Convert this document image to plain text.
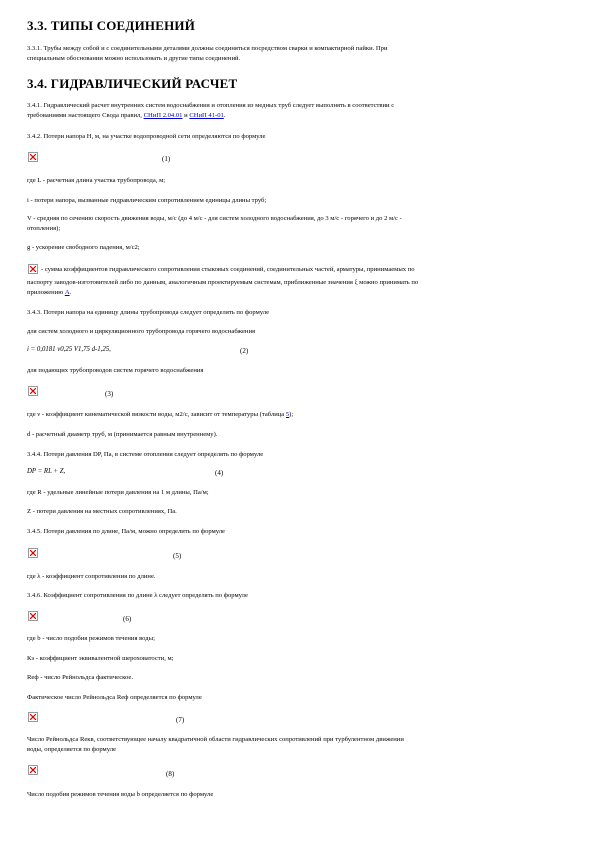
3.3. ТИПЫ СОЕДИНЕНИЙ
3.3.1. Трубы между собой и с соединительными деталями должны соединяться посредством сварки и компактирной пайки. При
специальным обосновании можно использовать и другие типы соединений.
3.4. ГИДРАВЛИЧЕСКИЙ РАСЧЕТ
3.4.1. Гидравлический расчет внутренних систем водоснабжения и отопления из медных труб следует выполнять в соответствии с
требованиями настоящего Свода правил, СНиП 2.04.01 и СНиП 41-01.
3.4.2. Потери напора Н, м, на участке водопроводной сети определяются по формуле
(1)
где L - расчетная длина участка трубопровода, м;
i - потери напора, вызванные гидравлическим сопротивлением единицы длины труб;
V - средняя по сечению скорость движения воды, м/с (до 4 м/с - для систем холодного водоснабжения, до 3 м/с - горячего и до 2 м/с -
отопления);
g - ускорение свободного падения, м/с2;
- сумма коэффициентов гидравлического сопротивления стыковых соединений, соединительных частей, арматуры, принимаемых по
паспорту заводов-изготовителей либо по данным, аналогичным проектируемым системам, приближенные значения ξ можно принимать по
приложению А.
3.4.3. Потери напора на единицу длины трубопровода следует определять по формуле
для систем холодного и циркуляционного трубопровода горячего водоснабжения
i = 0,0181 v0,25 V1,75 d-1,25,	(2)
для подающих трубопроводов систем горячего водоснабжения
(3)
где ν - коэффициент кинематической вязкости воды, м2/с, зависит от температуры (таблица 5);
d - расчетный диаметр труб, м (принимается равным внутреннему).
3.4.4. Потери давления DР, Па, в системе отопления следует определять по формуле
DP = RL + Z,	(4)
где R - удельные линейные потери давления на 1 м длины, Па/м;
Z - потери давления на местных сопротивлениях, Па.
3.4.5. Потери давления по длине, Па/м, можно определить по формуле
(5)
где λ - коэффициент сопротивления по длине.
3.4.6. Коэффициент сопротивления по длине λ следует определять по формуле
(6)
где b - число подобия режимов течения воды;
Кэ - коэффициент эквивалентной шероховатости, м;
Reф - число Рейнольдса фактическое.
Фактическое число Рейнольдса Reф определяется по формуле
(7)
Число Рейнольдса Reкв, соответствующее началу квадратичной области гидравлических сопротивлений при турбулентном движении
воды, определяется по формуле
(8)
Число подобия режимов течения воды b определяется по формуле
